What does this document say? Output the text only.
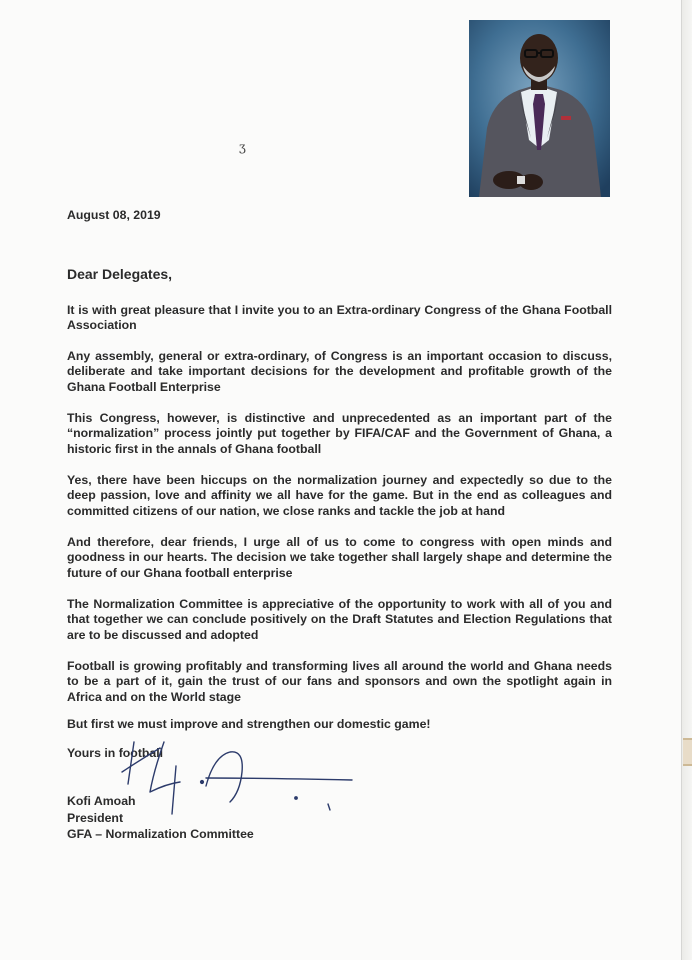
ʒ

August 08, 2019

Dear Delegates,

It is with great pleasure that I invite you to an Extra-ordinary Congress of the Ghana Football Association

Any assembly, general or extra-ordinary, of Congress is an important occasion to discuss, deliberate and take important decisions for the development and profitable growth of the Ghana Football Enterprise

This Congress, however, is distinctive and unprecedented as an important part of the “normalization” process jointly put together by FIFA/CAF and the Government of Ghana, a historic first in the annals of Ghana football

Yes, there have been hiccups on the normalization journey and expectedly so due to the deep passion, love and affinity we all have for the game. But in the end as colleagues and committed citizens of our nation, we close ranks and tackle the job at hand

And therefore, dear friends, I urge all of us to come to congress with open minds and goodness in our hearts. The decision we take together shall largely shape and determine the future of our Ghana football enterprise

The Normalization Committee is appreciative of the opportunity to work with all of you and that together we can conclude positively on the Draft Statutes and Election Regulations that are to be discussed and adopted

Football is growing profitably and transforming lives all around the world and Ghana needs to be a part of it, gain the trust of our fans and sponsors and own the spotlight again in Africa and on the World stage

But first we must improve and strengthen our domestic game!

Yours in football

Kofi Amoah
President
GFA – Normalization Committee
